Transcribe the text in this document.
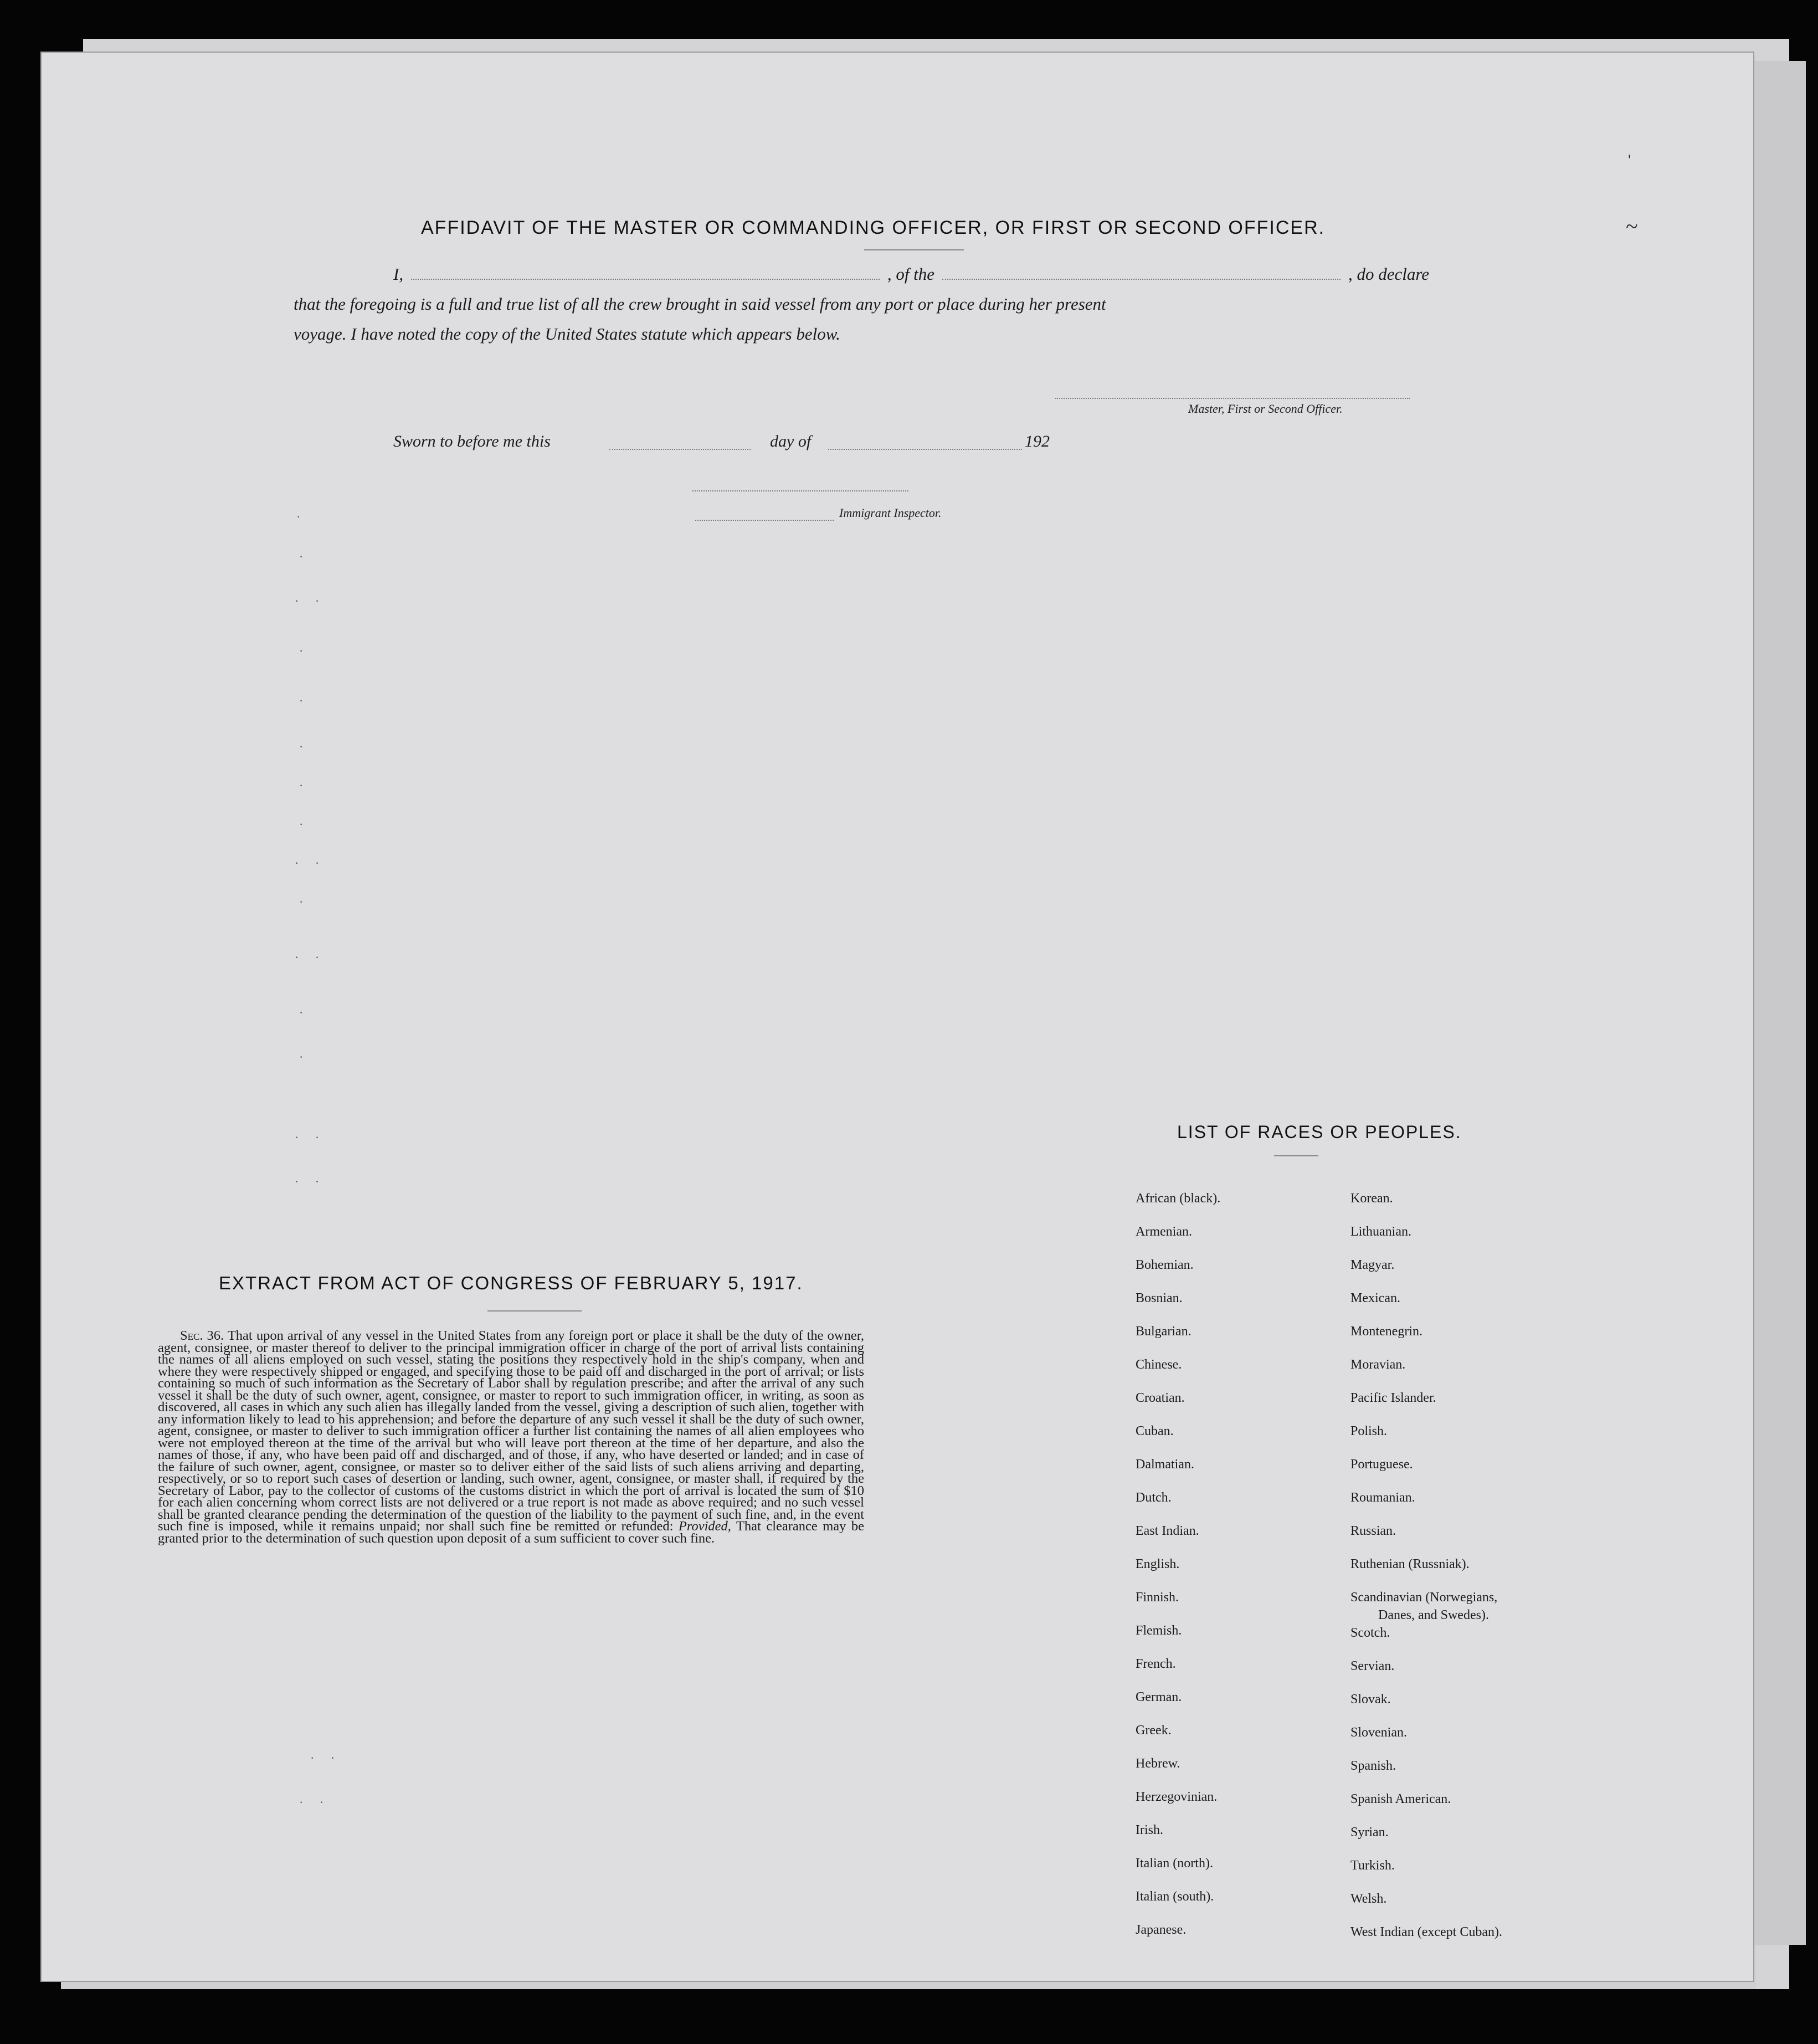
AFFIDAVIT OF THE MASTER OR COMMANDING OFFICER, OR FIRST OR SECOND OFFICER.
I,	, of the	, do declare
that the foregoing is a full and true list of all the crew brought in said vessel from any port or place during her present
voyage. I have noted the copy of the United States statute which appears below.
Master, First or Second Officer.
Sworn to before me this	day of	192
Immigrant Inspector.
·
·
· ·
·
·
·
·
·
· ·
·
· ·
·
·
· ·
· ·
· ·
· ·
ˈ
~
EXTRACT FROM ACT OF CONGRESS OF FEBRUARY 5, 1917.
Sec. 36. That upon arrival of any vessel in the United States from any foreign port or place it shall be the duty of the owner, agent, consignee, or master thereof to deliver to the principal immigration officer in charge of the port of arrival lists containing the names of all aliens employed on such vessel, stating the positions they respectively hold in the ship's company, when and where they were respectively shipped or engaged, and specifying those to be paid off and discharged in the port of arrival; or lists containing so much of such information as the Secretary of Labor shall by regulation prescribe; and after the arrival of any such vessel it shall be the duty of such owner, agent, consignee, or master to report to such immigration officer, in writing, as soon as discovered, all cases in which any such alien has illegally landed from the vessel, giving a description of such alien, together with any information likely to lead to his apprehension; and before the departure of any such vessel it shall be the duty of such owner, agent, consignee, or master to deliver to such immigration officer a further list containing the names of all alien employees who were not employed thereon at the time of the arrival but who will leave port thereon at the time of her departure, and also the names of those, if any, who have been paid off and discharged, and of those, if any, who have deserted or landed; and in case of the failure of such owner, agent, consignee, or master so to deliver either of the said lists of such aliens arriving and departing, respectively, or so to report such cases of desertion or landing, such owner, agent, consignee, or master shall, if required by the Secretary of Labor, pay to the collector of customs of the customs district in which the port of arrival is located the sum of $10 for each alien concerning whom correct lists are not delivered or a true report is not made as above required; and no such vessel shall be granted clearance pending the determination of the question of the liability to the payment of such fine, and, in the event such fine is imposed, while it remains unpaid; nor shall such fine be remitted or refunded: Provided, That clearance may be granted prior to the determination of such question upon deposit of a sum sufficient to cover such fine.
LIST OF RACES OR PEOPLES.
African (black).
Armenian.
Bohemian.
Bosnian.
Bulgarian.
Chinese.
Croatian.
Cuban.
Dalmatian.
Dutch.
East Indian.
English.
Finnish.
Flemish.
French.
German.
Greek.
Hebrew.
Herzegovinian.
Irish.
Italian (north).
Italian (south).
Japanese.
Korean.
Lithuanian.
Magyar.
Mexican.
Montenegrin.
Moravian.
Pacific Islander.
Polish.
Portuguese.
Roumanian.
Russian.
Ruthenian (Russniak).
Scandinavian (Norwegians,
Danes, and Swedes).
Scotch.
Servian.
Slovak.
Slovenian.
Spanish.
Spanish American.
Syrian.
Turkish.
Welsh.
West Indian (except Cuban).
